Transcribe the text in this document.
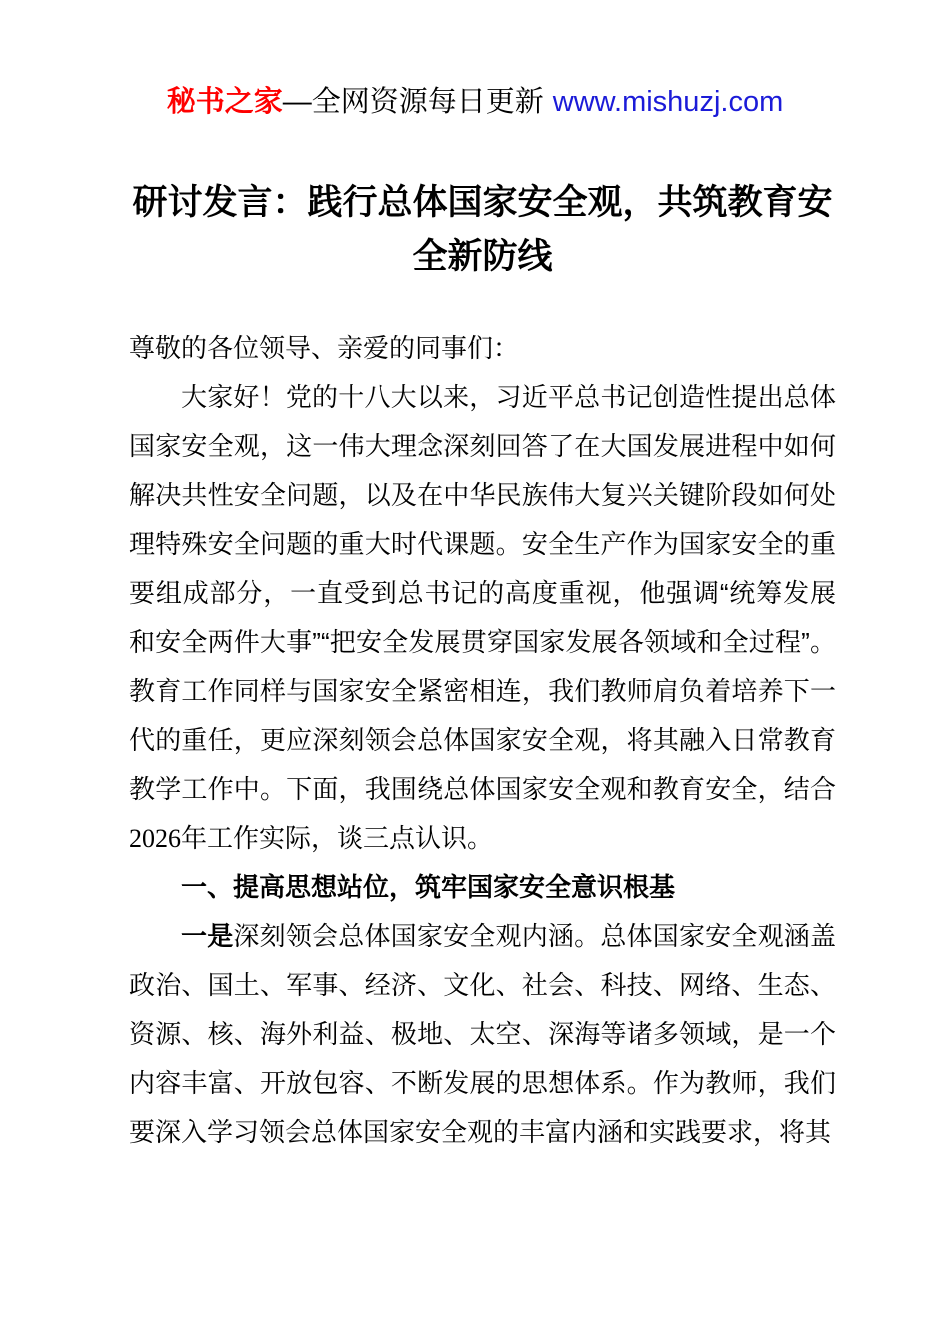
秘书之家—全网资源每日更新 www.mishuzj.com
研讨发言：践行总体国家安全观，共筑教育安全新防线

尊敬的各位领导、亲爱的同事们：

大家好！党的十八大以来，习近平总书记创造性提出总体国家安全观，这一伟大理念深刻回答了在大国发展进程中如何解决共性安全问题，以及在中华民族伟大复兴关键阶段如何处理特殊安全问题的重大时代课题。安全生产作为国家安全的重要组成部分，一直受到总书记的高度重视，他强调“统筹发展和安全两件大事”“把安全发展贯穿国家发展各领域和全过程”。教育工作同样与国家安全紧密相连，我们教师肩负着培养下一代的重任，更应深刻领会总体国家安全观，将其融入日常教育教学工作中。下面，我围绕总体国家安全观和教育安全，结合2026年工作实际，谈三点认识。

一、提高思想站位，筑牢国家安全意识根基

一是深刻领会总体国家安全观内涵。总体国家安全观涵盖政治、国土、军事、经济、文化、社会、科技、网络、生态、资源、核、海外利益、极地、太空、深海等诸多领域，是一个内容丰富、开放包容、不断发展的思想体系。作为教师，我们要深入学习领会总体国家安全观的丰富内涵和实践要求，将其
